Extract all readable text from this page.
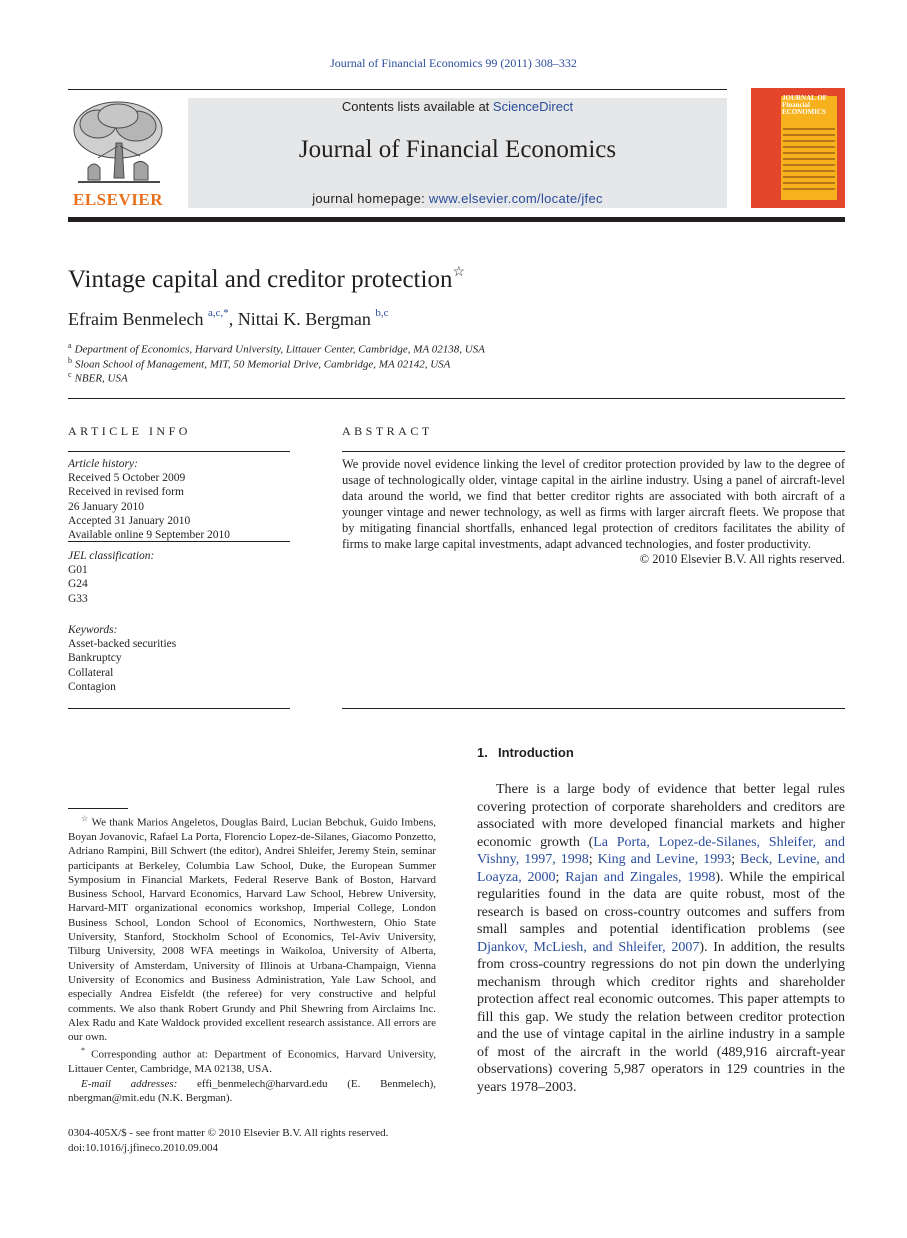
Journal of Financial Economics 99 (2011) 308–332
ELSEVIER
Contents lists available at ScienceDirect
Journal of Financial Economics
journal homepage: www.elsevier.com/locate/jfec
JOURNAL OF Financial ECONOMICS
Vintage capital and creditor protection☆
Efraim Benmelech $^{a,c,*}$, Nittai K. Bergman $^{b,c}$
$^a$ Department of Economics, Harvard University, Littauer Center, Cambridge, MA 02138, USA
$^b$ Sloan School of Management, MIT, 50 Memorial Drive, Cambridge, MA 02142, USA
$^c$ NBER, USA
ARTICLE INFO
Article history:
Received 5 October 2009
Received in revised form
26 January 2010
Accepted 31 January 2010
Available online 9 September 2010
JEL classification:
G01
G24
G33
Keywords:
Asset-backed securities
Bankruptcy
Collateral
Contagion
ABSTRACT
We provide novel evidence linking the level of creditor protection provided by law to the degree of usage of technologically older, vintage capital in the airline industry. Using a panel of aircraft-level data around the world, we find that better creditor rights are associated with both aircraft of a younger vintage and newer technology, as well as firms with larger aircraft fleets. We propose that by mitigating financial shortfalls, enhanced legal protection of creditors facilitates the ability of firms to make large capital investments, adapt advanced technologies, and foster productivity.
© 2010 Elsevier B.V. All rights reserved.
1.  Introduction
There is a large body of evidence that better legal rules covering protection of corporate shareholders and creditors are associated with more developed financial markets and higher economic growth (La Porta, Lopez-de-Silanes, Shleifer, and Vishny, 1997, 1998; King and Levine, 1993; Beck, Levine, and Loayza, 2000; Rajan and Zingales, 1998). While the empirical regularities found in the data are quite robust, most of the research is based on cross-country outcomes and suffers from small samples and potential identification problems (see Djankov, McLiesh, and Shleifer, 2007). In addition, the results from cross-country regressions do not pin down the underlying mechanism through which creditor rights and shareholder protection affect real economic outcomes. This paper attempts to fill this gap. We study the relation between creditor protection and the use of vintage capital in the airline industry in a sample of most of the aircraft in the world (489,916 aircraft-year observations) covering 5,987 operators in 129 countries in the years 1978–2003.

☆ We thank Marios Angeletos, Douglas Baird, Lucian Bebchuk, Guido Imbens, Boyan Jovanovic, Rafael La Porta, Florencio Lopez-de-Silanes, Giacomo Ponzetto, Adriano Rampini, Bill Schwert (the editor), Andrei Shleifer, Jeremy Stein, seminar participants at Berkeley, Columbia Law School, Duke, the European Summer Symposium in Financial Markets, Federal Reserve Bank of Boston, Harvard Business School, Harvard Economics, Harvard Law School, Hebrew University, Harvard-MIT organizational economics workshop, Imperial College, London Business School, London School of Economics, Northwestern, Ohio State University, Stanford, Stockholm School of Economics, Tel-Aviv University, Tilburg University, 2008 WFA meetings in Waikoloa, University of Alberta, University of Amsterdam, University of Illinois at Urbana-Champaign, Vienna University of Economics and Business Administration, Yale Law School, and especially Andrea Eisfeldt (the referee) for very constructive and helpful comments. We also thank Robert Grundy and Phil Shewring from Airclaims Inc. Alex Radu and Kate Waldock provided excellent research assistance. All errors are our own.

* Corresponding author at: Department of Economics, Harvard University, Littauer Center, Cambridge, MA 02138, USA.

E-mail addresses: effi_benmelech@harvard.edu (E. Benmelech), nbergman@mit.edu (N.K. Bergman).

0304-405X/$ - see front matter © 2010 Elsevier B.V. All rights reserved.
doi:10.1016/j.jfineco.2010.09.004
